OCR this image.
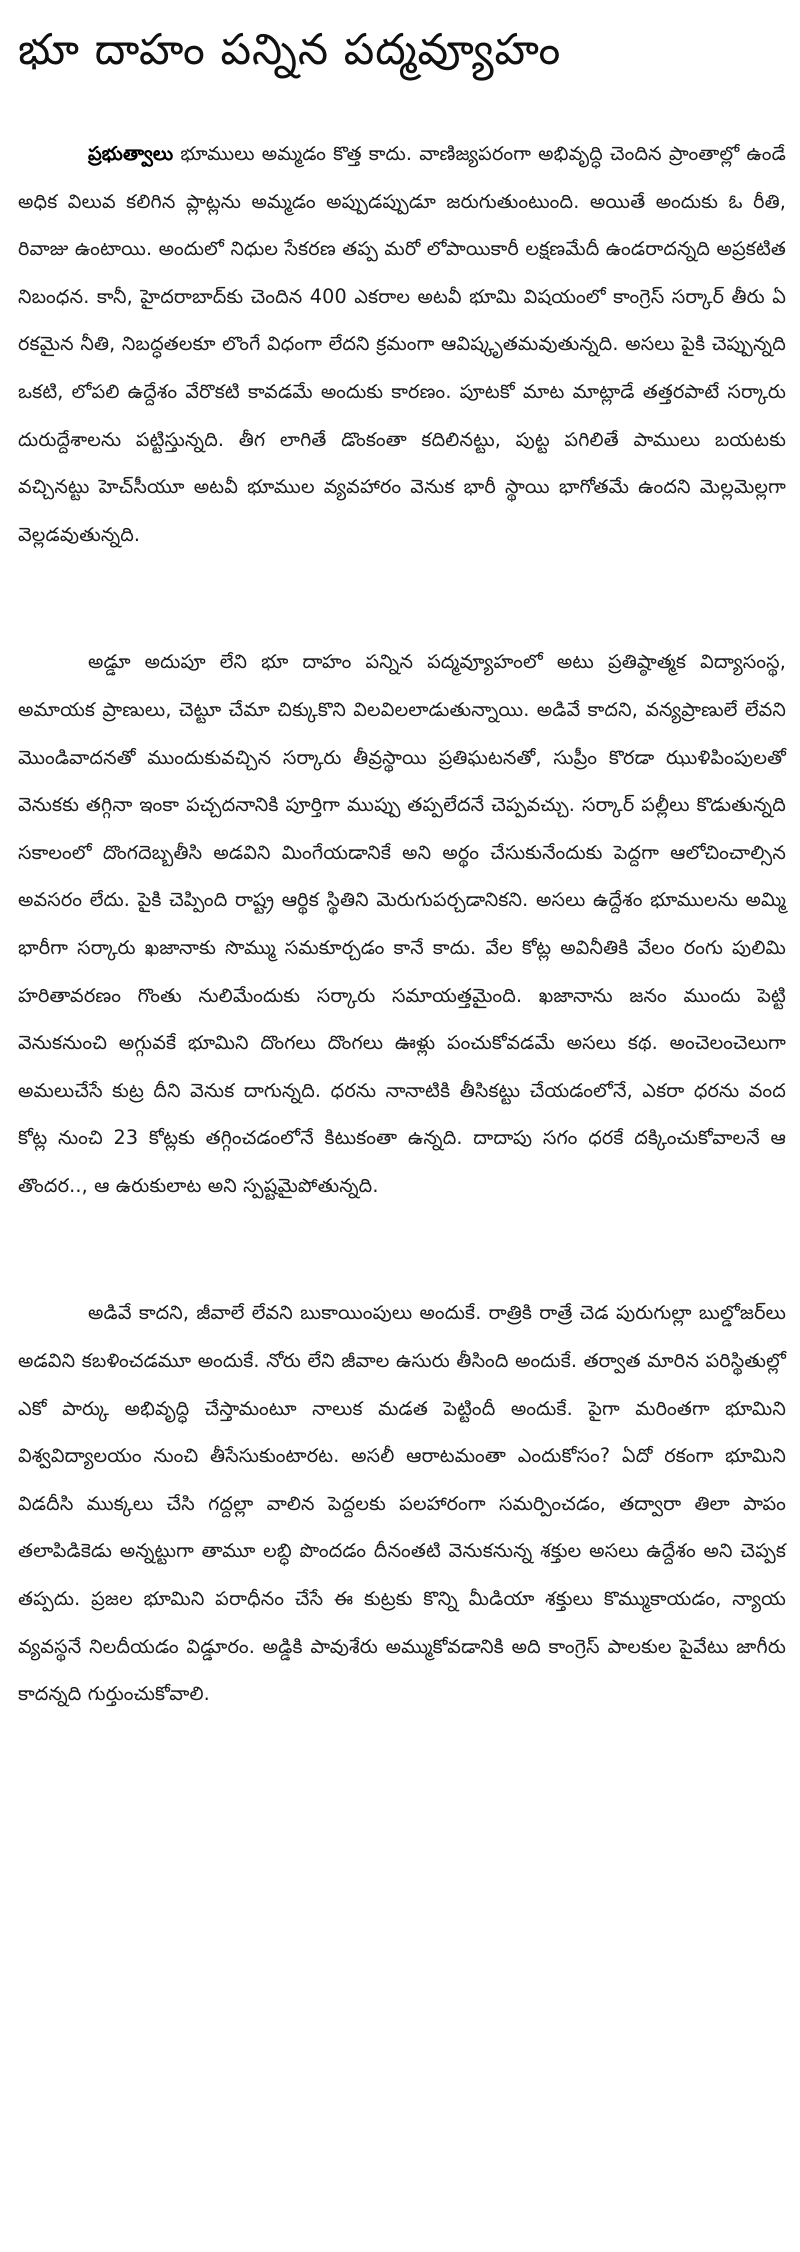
భూ దాహం పన్నిన పద్మవ్యూహం

ప్రభుత్వాలు భూములు అమ్మడం కొత్త కాదు. వాణిజ్యపరంగా అభివృద్ధి చెందిన ప్రాంతాల్లో ఉండే అధిక విలువ కలిగిన ప్లాట్లను అమ్మడం అప్పుడప్పుడూ జరుగుతుంటుంది. అయితే అందుకు ఓ రీతి, రివాజు ఉంటాయి. అందులో నిధుల సేకరణ తప్ప మరో లోపాయికారీ లక్షణమేదీ ఉండరాదన్నది అప్రకటిత నిబంధన. కానీ, హైదరాబాద్‌కు చెందిన 400 ఎకరాల అటవీ భూమి విషయంలో కాంగ్రెస్ సర్కార్ తీరు ఏ రకమైన నీతి, నిబద్ధతలకూ లొంగే విధంగా లేదని క్రమంగా ఆవిష్కృతమవుతున్నది. అసలు పైకి చెప్పున్నది ఒకటి, లోపలి ఉద్దేశం వేరొకటి కావడమే అందుకు కారణం. పూటకో మాట మాట్లాడే తత్తరపాటే సర్కారు దురుద్దేశాలను పట్టిస్తున్నది. తీగ లాగితే డొంకంతా కదిలినట్టు, పుట్ట పగిలితే పాములు బయటకు వచ్చినట్టు హెచ్‌సీయూ అటవీ భూముల వ్యవహారం వెనుక భారీ స్థాయి భాగోతమే ఉందని మెల్లమెల్లగా వెల్లడవుతున్నది.

అడ్డూ అదుపూ లేని భూ దాహం పన్నిన పద్మవ్యూహంలో అటు ప్రతిష్ఠాత్మక విద్యాసంస్థ, అమాయక ప్రాణులు, చెట్టూ చేమా చిక్కుకొని విలవిలలాడుతున్నాయి. అడివే కాదని, వన్యప్రాణులే లేవని మొండివాదనతో ముందుకువచ్చిన సర్కారు తీవ్రస్థాయి ప్రతిఘటనతో, సుప్రీం కొరడా ఝుళిపింపులతో వెనుకకు తగ్గినా ఇంకా పచ్చదనానికి పూర్తిగా ముప్పు తప్పలేదనే చెప్పవచ్చు. సర్కార్ పల్లీలు కొడుతున్నది సకాలంలో దొంగదెబ్బతీసి అడవిని మింగేయడానికే అని అర్థం చేసుకునేందుకు పెద్దగా ఆలోచించాల్సిన అవసరం లేదు. పైకి చెప్పింది రాష్ట్ర ఆర్థిక స్థితిని మెరుగుపర్చడానికని. అసలు ఉద్దేశం భూములను అమ్మి భారీగా సర్కారు ఖజానాకు సొమ్ము సమకూర్చడం కానే కాదు. వేల కోట్ల అవినీతికి వేలం రంగు పులిమి హరితావరణం గొంతు నులిమేందుకు సర్కారు సమాయత్తమైంది. ఖజానాను జనం ముందు పెట్టి వెనుకనుంచి అగ్గువకే భూమిని దొంగలు దొంగలు ఊళ్లు పంచుకోవడమే అసలు కథ. అంచెలంచెలుగా అమలుచేసే కుట్ర దీని వెనుక దాగున్నది. ధరను నానాటికి తీసికట్టు చేయడంలోనే, ఎకరా ధరను వంద కోట్ల నుంచి 23 కోట్లకు తగ్గించడంలోనే కిటుకంతా ఉన్నది. దాదాపు సగం ధరకే దక్కించుకోవాలనే ఆ తొందర.., ఆ ఉరుకులాట అని స్పష్టమైపోతున్నది.

అడివే కాదని, జీవాలే లేవని బుకాయింపులు అందుకే. రాత్రికి రాత్రే చెడ పురుగుల్లా బుల్డోజర్‌లు అడవిని కబళించడమూ అందుకే. నోరు లేని జీవాల ఉసురు తీసింది అందుకే. తర్వాత మారిన పరిస్థితుల్లో ఎకో పార్కు అభివృద్ధి చేస్తామంటూ నాలుక మడత పెట్టిందీ అందుకే. పైగా మరింతగా భూమిని విశ్వవిద్యాలయం నుంచి తీసేసుకుంటారట. అసలీ ఆరాటమంతా ఎందుకోసం? ఏదో రకంగా భూమిని విడదీసి ముక్కలు చేసి గద్దల్లా వాలిన పెద్దలకు పలహారంగా సమర్పించడం, తద్వారా తిలా పాపం తలాపిడికెడు అన్నట్టుగా తామూ లబ్ధి పొందడం దీనంతటి వెనుకనున్న శక్తుల అసలు ఉద్దేశం అని చెప్పక తప్పదు. ప్రజల భూమిని పరాధీనం చేసే ఈ కుట్రకు కొన్ని మీడియా శక్తులు కొమ్ముకాయడం, న్యాయ వ్యవస్థనే నిలదీయడం విడ్డూరం. అడ్డికి పావుశేరు అమ్ముకోవడానికి అది కాంగ్రెస్ పాలకుల పైవేటు జాగీరు కాదన్నది గుర్తుంచుకోవాలి.
